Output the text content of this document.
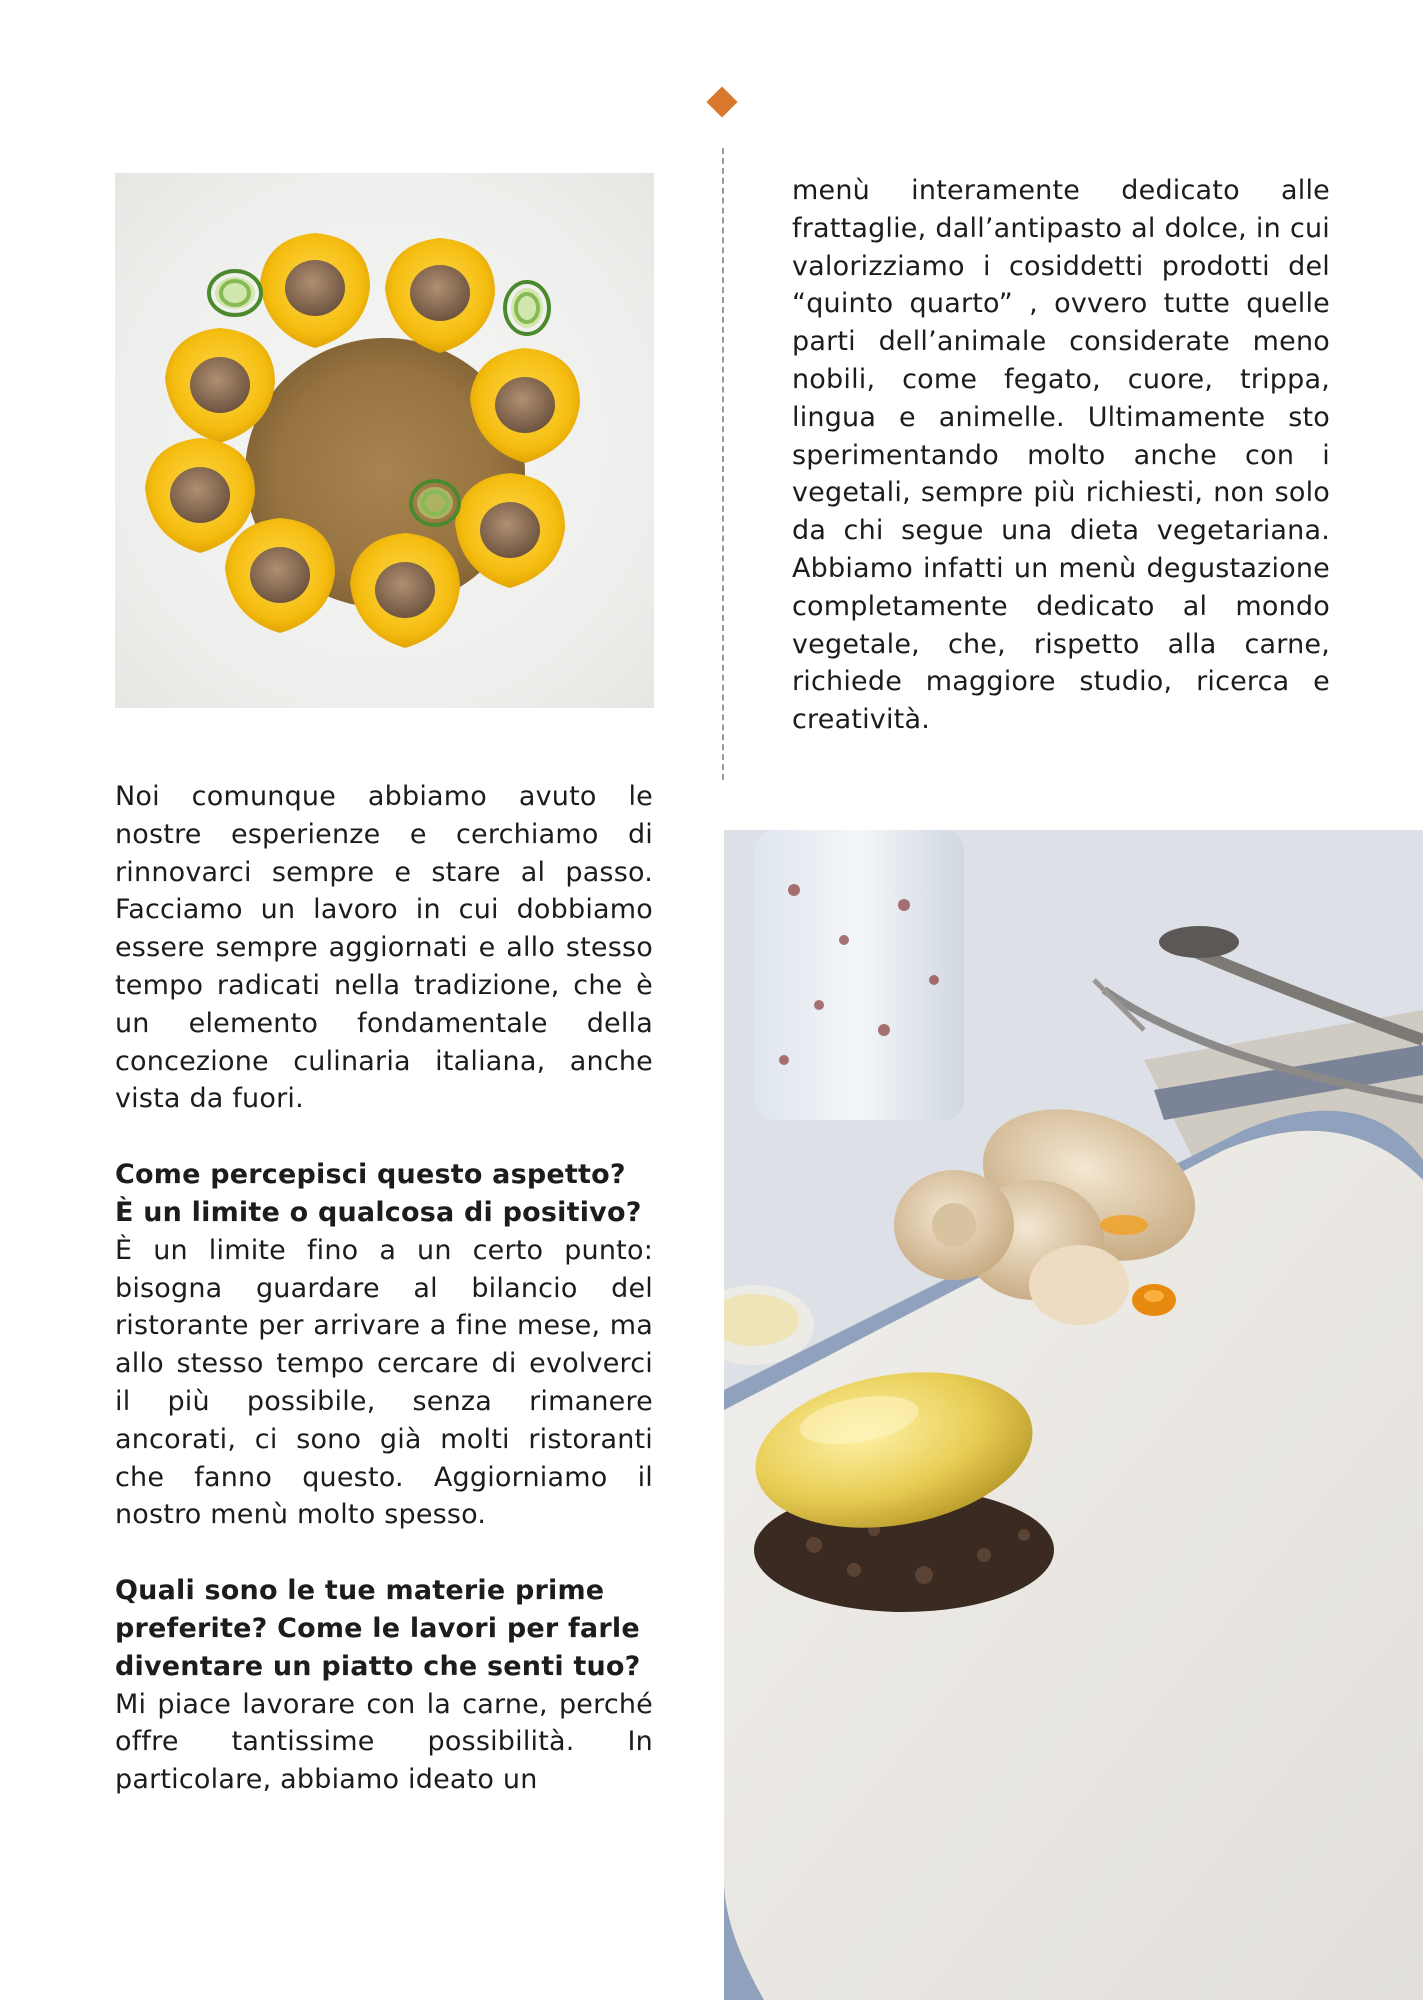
Noi comunque abbiamo avuto le nostre esperienze e cerchiamo di rinnovarci sempre e stare al passo. Facciamo un lavoro in cui dobbiamo essere sempre aggiornati e allo stesso tempo radicati nella tradizione, che è un elemento fondamentale della concezione culinaria italiana, anche vista da fuori.

Come percepisci questo aspetto? È un limite o qualcosa di positivo?

È un limite fino a un certo punto: bisogna guardare al bilancio del ristorante per arrivare a fine mese, ma allo stesso tempo cercare di evolverci il più possibile, senza rimanere ancorati, ci sono già molti ristoranti che fanno questo. Aggiorniamo il nostro menù molto spesso.

Quali sono le tue materie prime preferite? Come le lavori per farle diventare un piatto che senti tuo?

Mi piace lavorare con la carne, perché offre tantissime possibilità. In particolare, abbiamo ideato un

menù interamente dedicato alle frattaglie, dall’antipasto al dolce, in cui valorizziamo i cosiddetti prodotti del “quinto quarto” , ovvero tutte quelle parti dell’animale considerate meno nobili, come fegato, cuore, trippa, lingua e animelle. Ultimamente sto sperimentando molto anche con i vegetali, sempre più richiesti, non solo da chi segue una dieta vegetariana. Abbiamo infatti un menù degustazione completamente dedicato al mondo vegetale, che, rispetto alla carne, richiede maggiore studio, ricerca e creatività.
